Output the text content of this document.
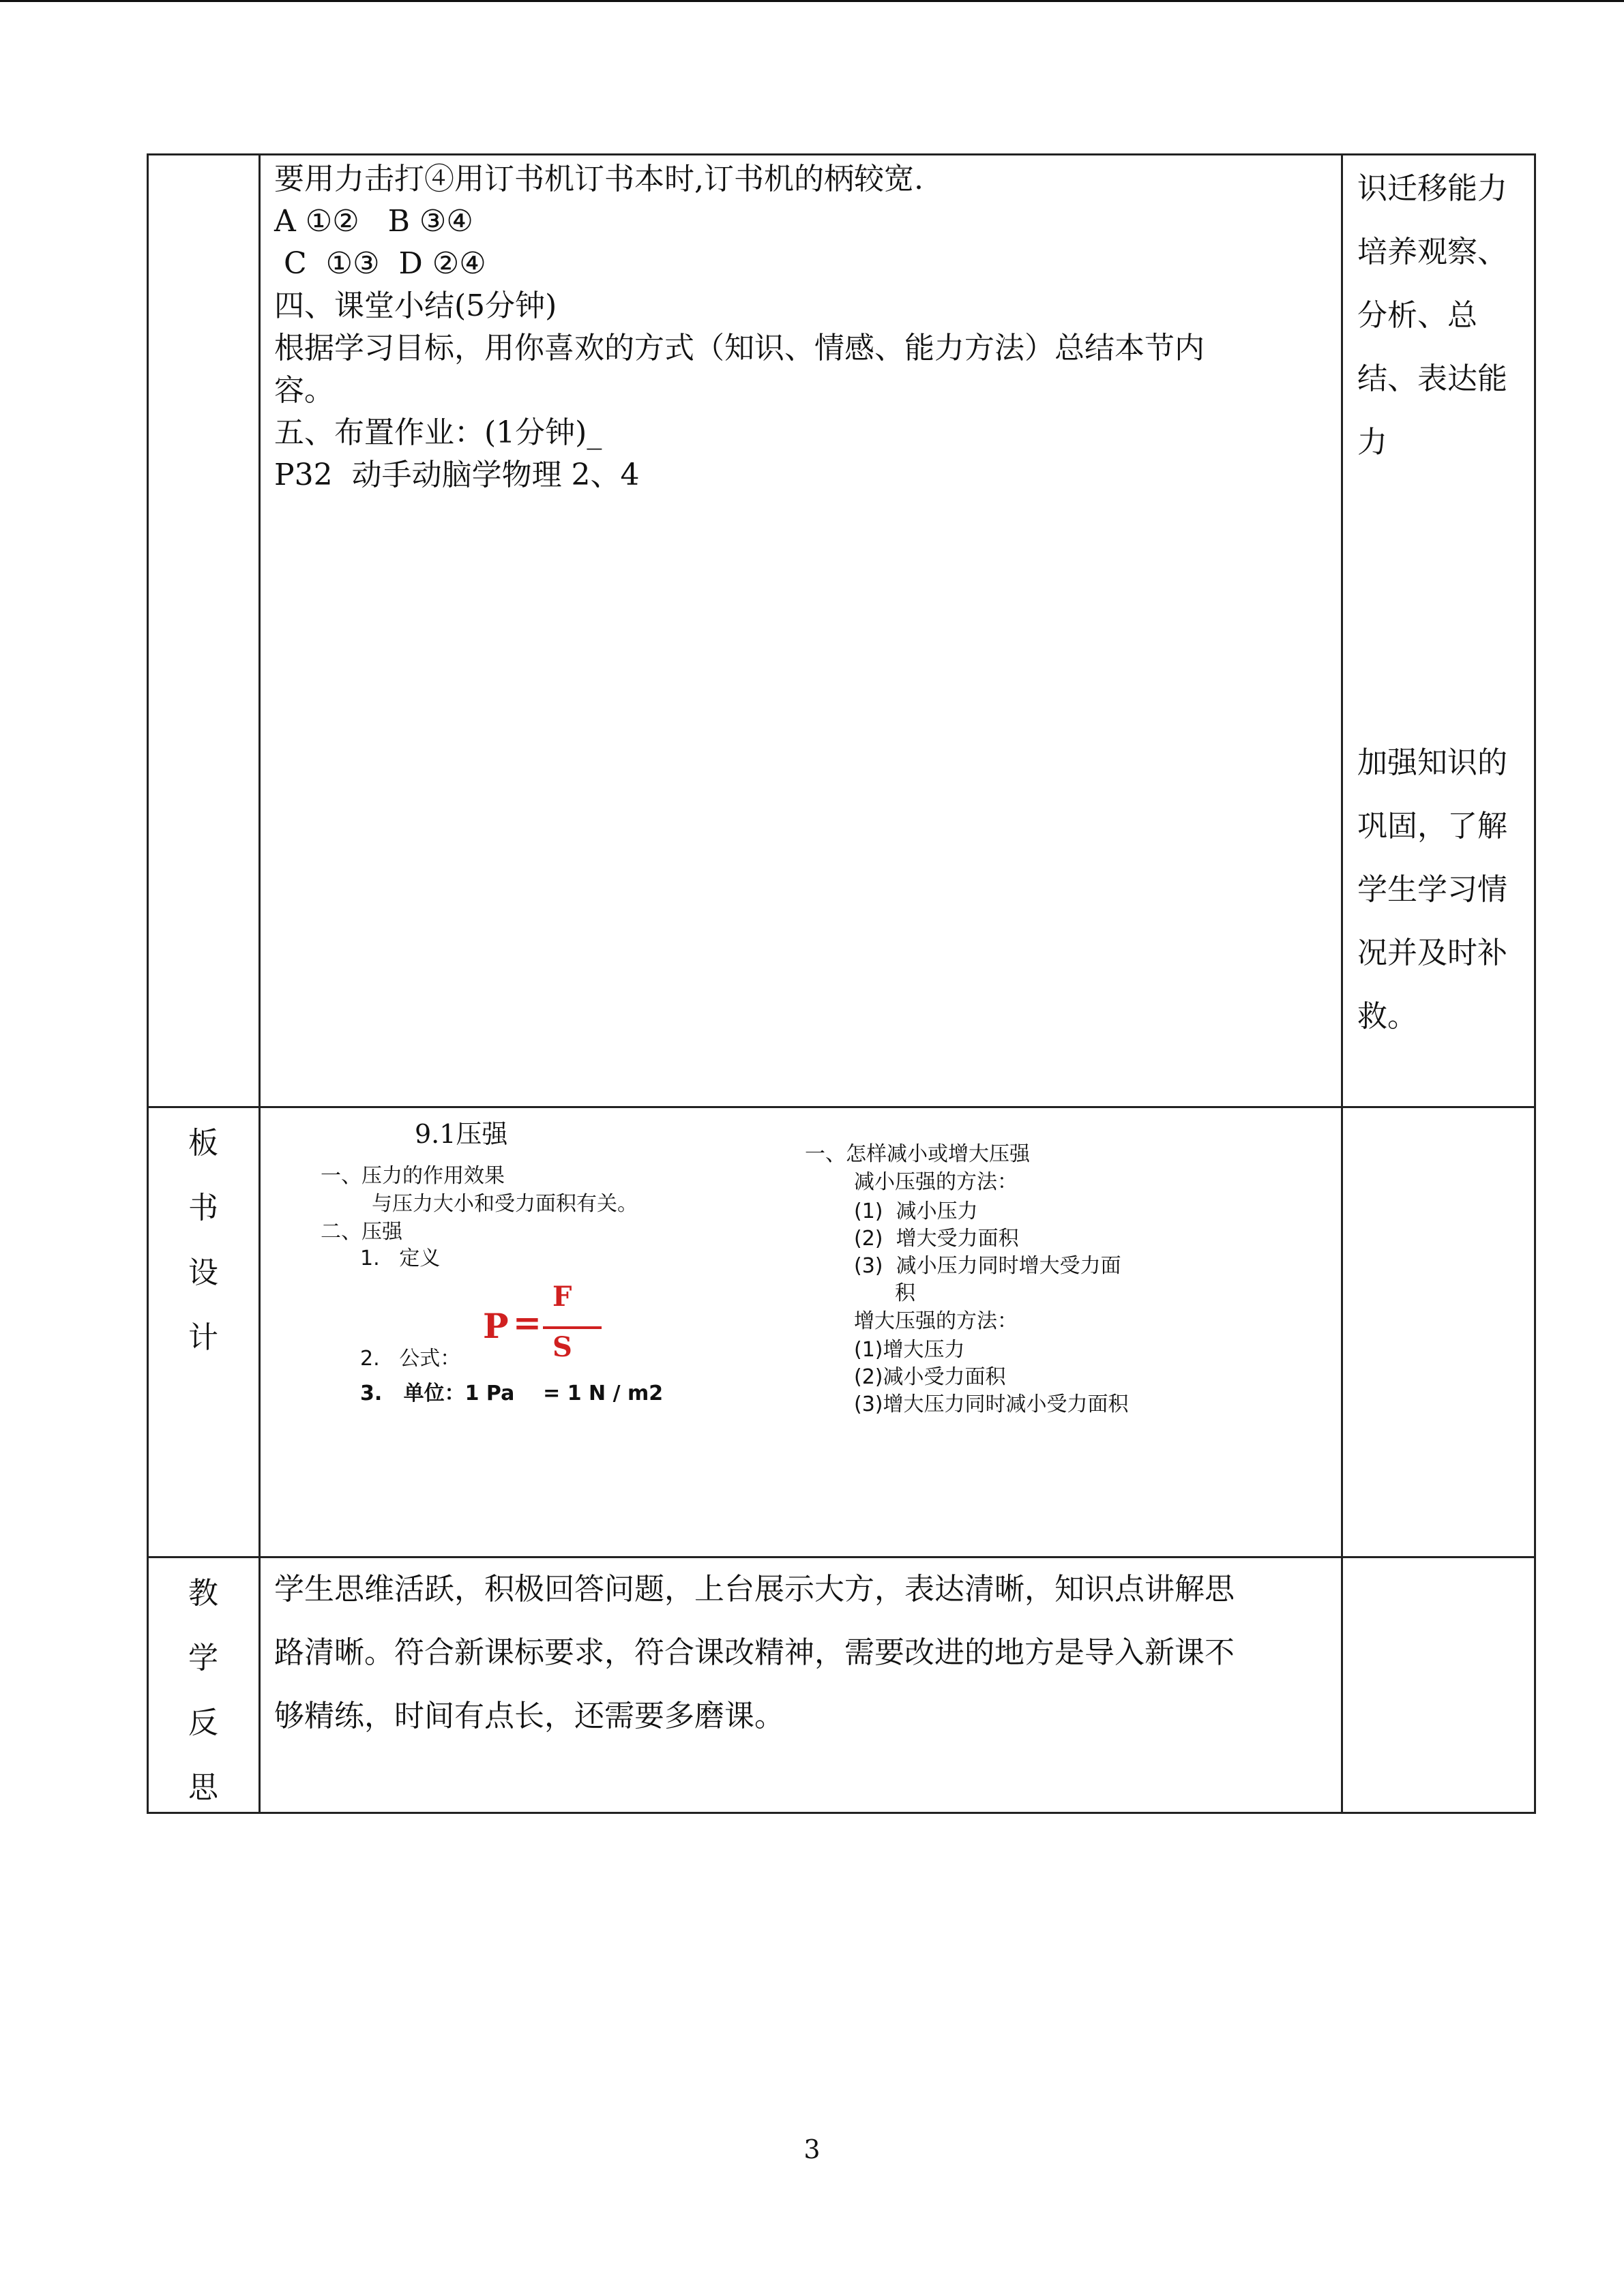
要用力击打④用订书机订书本时,订书机的柄较宽.
A ①②   B ③④
C  ①③  D ②④
四、课堂小结(5分钟)
根据学习目标，用你喜欢的方式（知识、情感、能力方法）总结本节内
容。
五、布置作业：(1分钟)_
P32  动手动脑学物理 2、4
识迁移能力
培养观察、
分析、总
结、表达能
力
加强知识的
巩固，了解
学生学习情
况并及时补
救。
板
书
设
计
9.1压强
一、压力的作用效果
与压力大小和受力面积有关。
二、压强
1.   定义
P =
F
S
2.   公式：
3.   单位：1 Pa    = 1 N / m2
一、怎样减小或增大压强
减小压强的方法：
(1)  减小压力
(2)  增大受力面积
(3)  减小压力同时增大受力面
积
增大压强的方法：
(1)增大压力
(2)减小受力面积
(3)增大压力同时减小受力面积
教
学
反
思
学生思维活跃，积极回答问题，上台展示大方，表达清晰，知识点讲解思
路清晰。符合新课标要求，符合课改精神，需要改进的地方是导入新课不
够精练，时间有点长，还需要多磨课。
3
